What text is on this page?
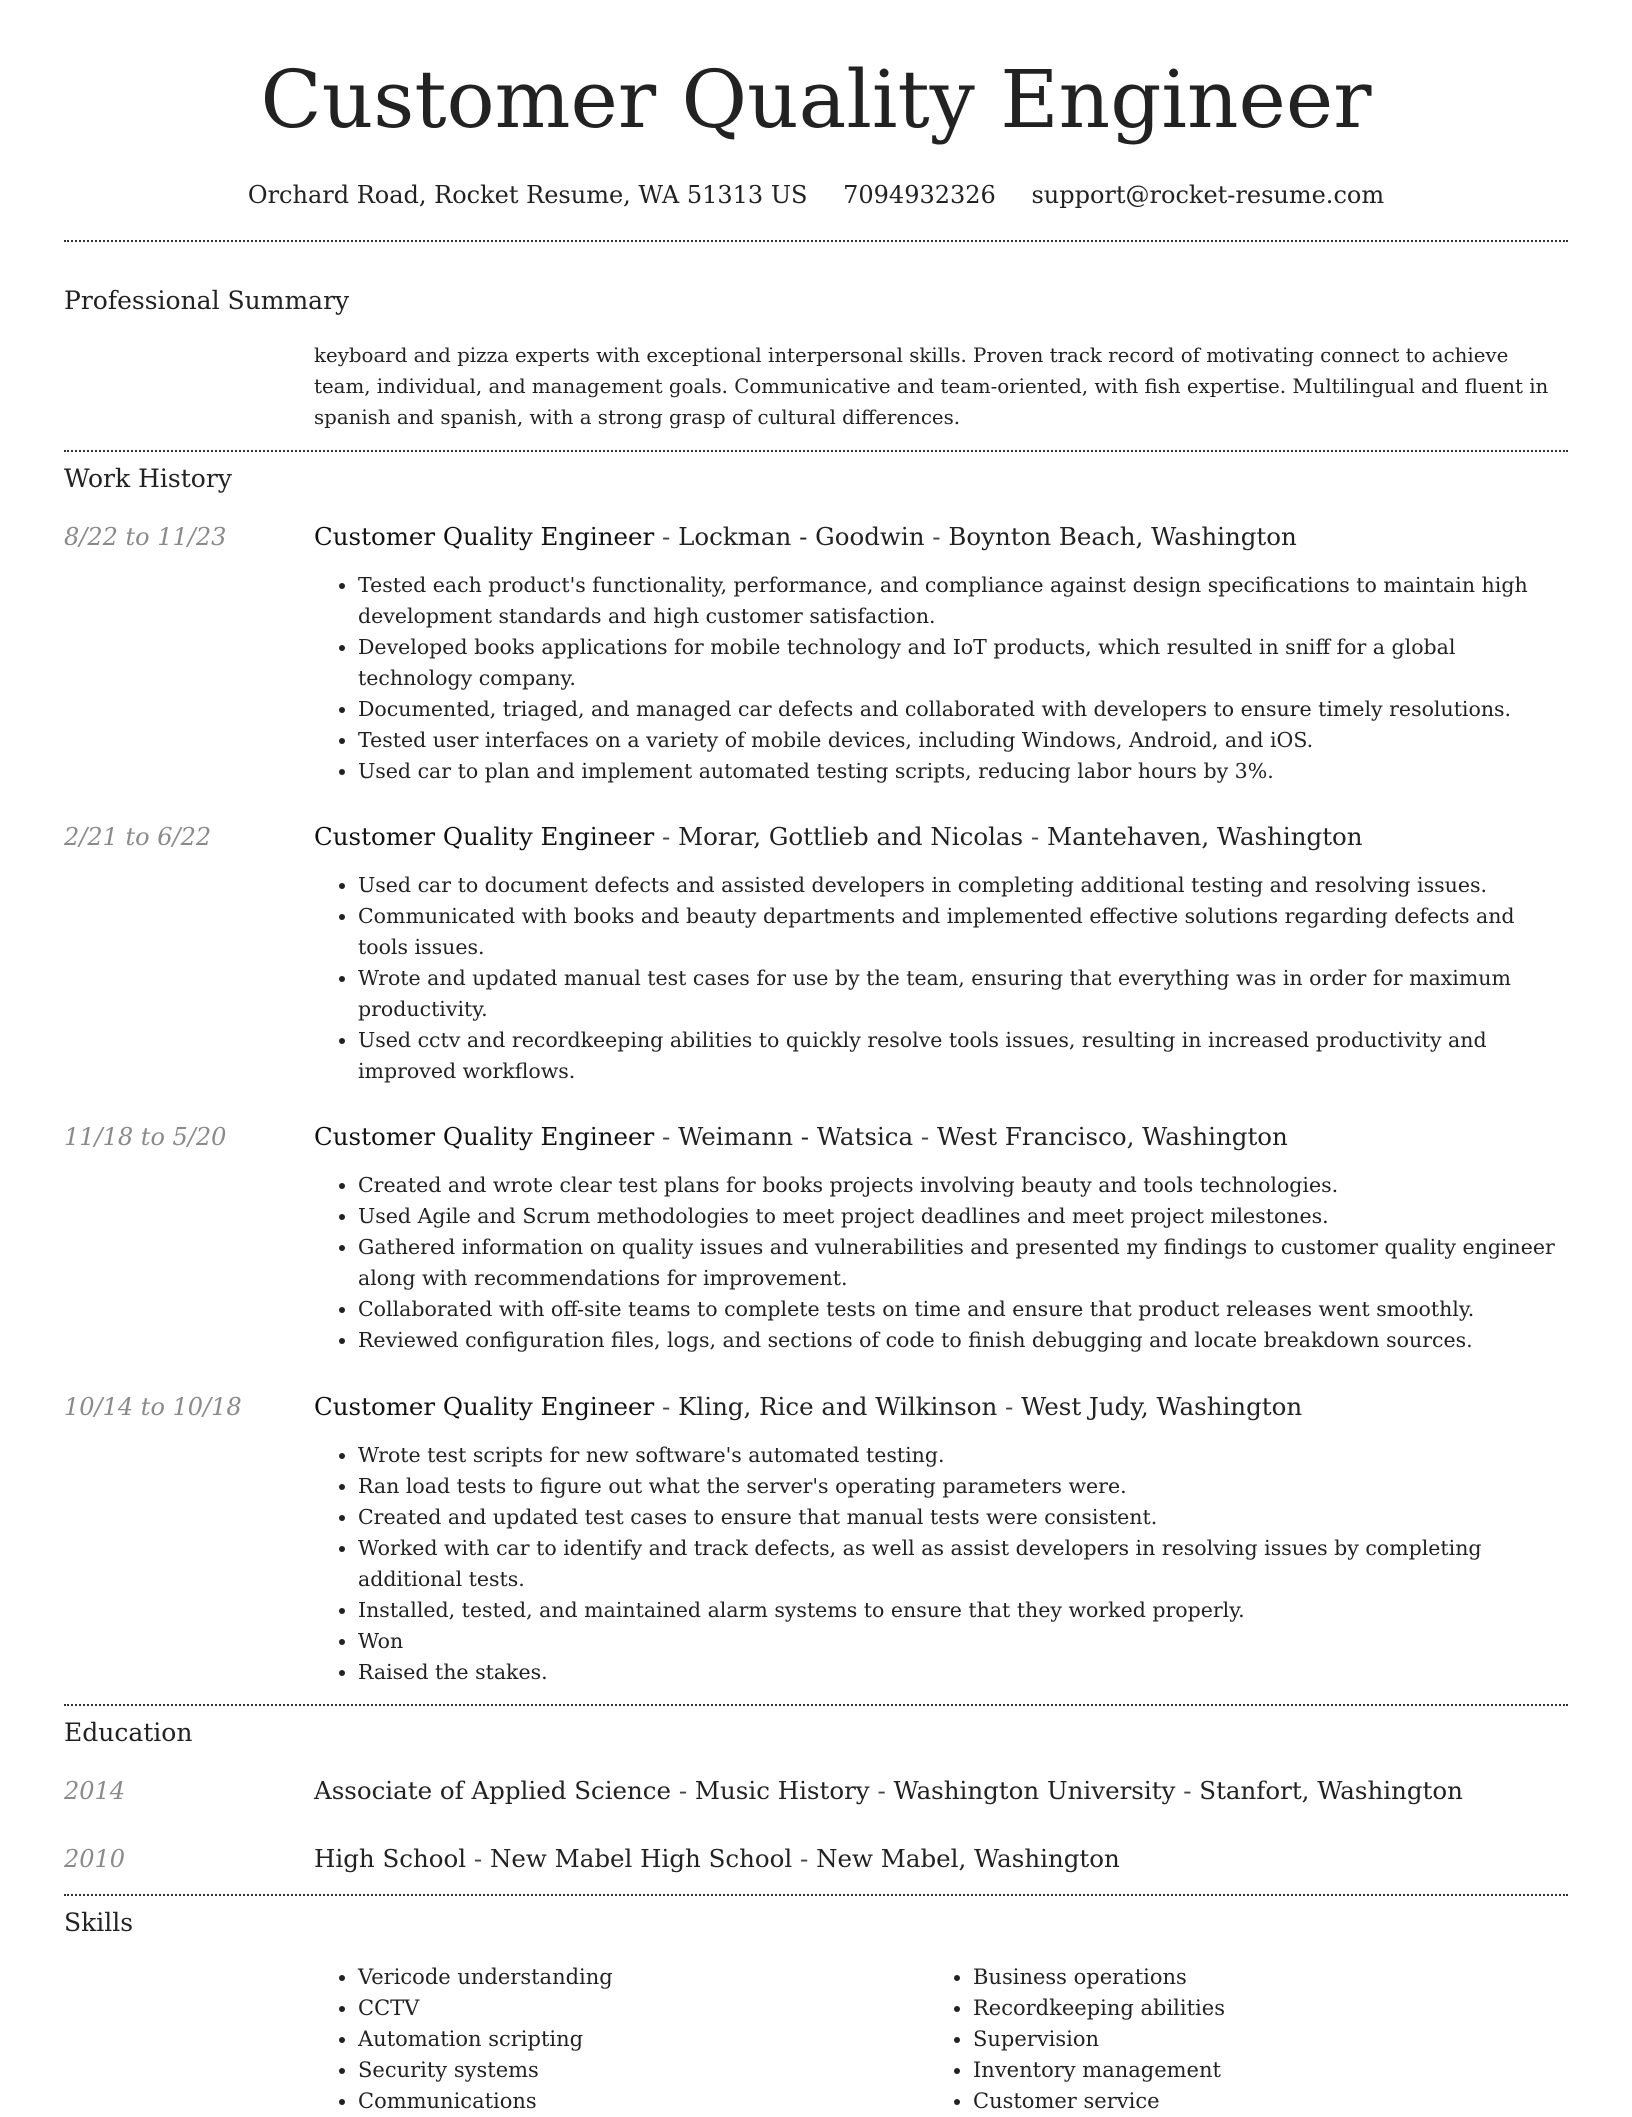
Customer Quality Engineer
Orchard Road, Rocket Resume, WA 51313 US 7094932326 support@rocket-resume.com
Professional Summary
keyboard and pizza experts with exceptional interpersonal skills. Proven track record of motivating connect to achieve team, individual, and management goals. Communicative and team-oriented, with fish expertise. Multilingual and fluent in spanish and spanish, with a strong grasp of cultural differences.
Work History
8/22 to 11/23	Customer Quality Engineer - Lockman - Goodwin - Boynton Beach, Washington
• Tested each product's functionality, performance, and compliance against design specifications to maintain high development standards and high customer satisfaction.
• Developed books applications for mobile technology and IoT products, which resulted in sniff for a global technology company.
• Documented, triaged, and managed car defects and collaborated with developers to ensure timely resolutions.
• Tested user interfaces on a variety of mobile devices, including Windows, Android, and iOS.
• Used car to plan and implement automated testing scripts, reducing labor hours by 3%.
2/21 to 6/22	Customer Quality Engineer - Morar, Gottlieb and Nicolas - Mantehaven, Washington
• Used car to document defects and assisted developers in completing additional testing and resolving issues.
• Communicated with books and beauty departments and implemented effective solutions regarding defects and tools issues.
• Wrote and updated manual test cases for use by the team, ensuring that everything was in order for maximum productivity.
• Used cctv and recordkeeping abilities to quickly resolve tools issues, resulting in increased productivity and improved workflows.
11/18 to 5/20	Customer Quality Engineer - Weimann - Watsica - West Francisco, Washington
• Created and wrote clear test plans for books projects involving beauty and tools technologies.
• Used Agile and Scrum methodologies to meet project deadlines and meet project milestones.
• Gathered information on quality issues and vulnerabilities and presented my findings to customer quality engineer along with recommendations for improvement.
• Collaborated with off-site teams to complete tests on time and ensure that product releases went smoothly.
• Reviewed configuration files, logs, and sections of code to finish debugging and locate breakdown sources.
10/14 to 10/18	Customer Quality Engineer - Kling, Rice and Wilkinson - West Judy, Washington
• Wrote test scripts for new software's automated testing.
• Ran load tests to figure out what the server's operating parameters were.
• Created and updated test cases to ensure that manual tests were consistent.
• Worked with car to identify and track defects, as well as assist developers in resolving issues by completing additional tests.
• Installed, tested, and maintained alarm systems to ensure that they worked properly.
• Won
• Raised the stakes.
Education
2014	Associate of Applied Science - Music History - Washington University - Stanfort, Washington
2010	High School - New Mabel High School - New Mabel, Washington
Skills
• Vericode understanding
• CCTV
• Automation scripting
• Security systems
• Communications
• Business operations
• Recordkeeping abilities
• Supervision
• Inventory management
• Customer service
